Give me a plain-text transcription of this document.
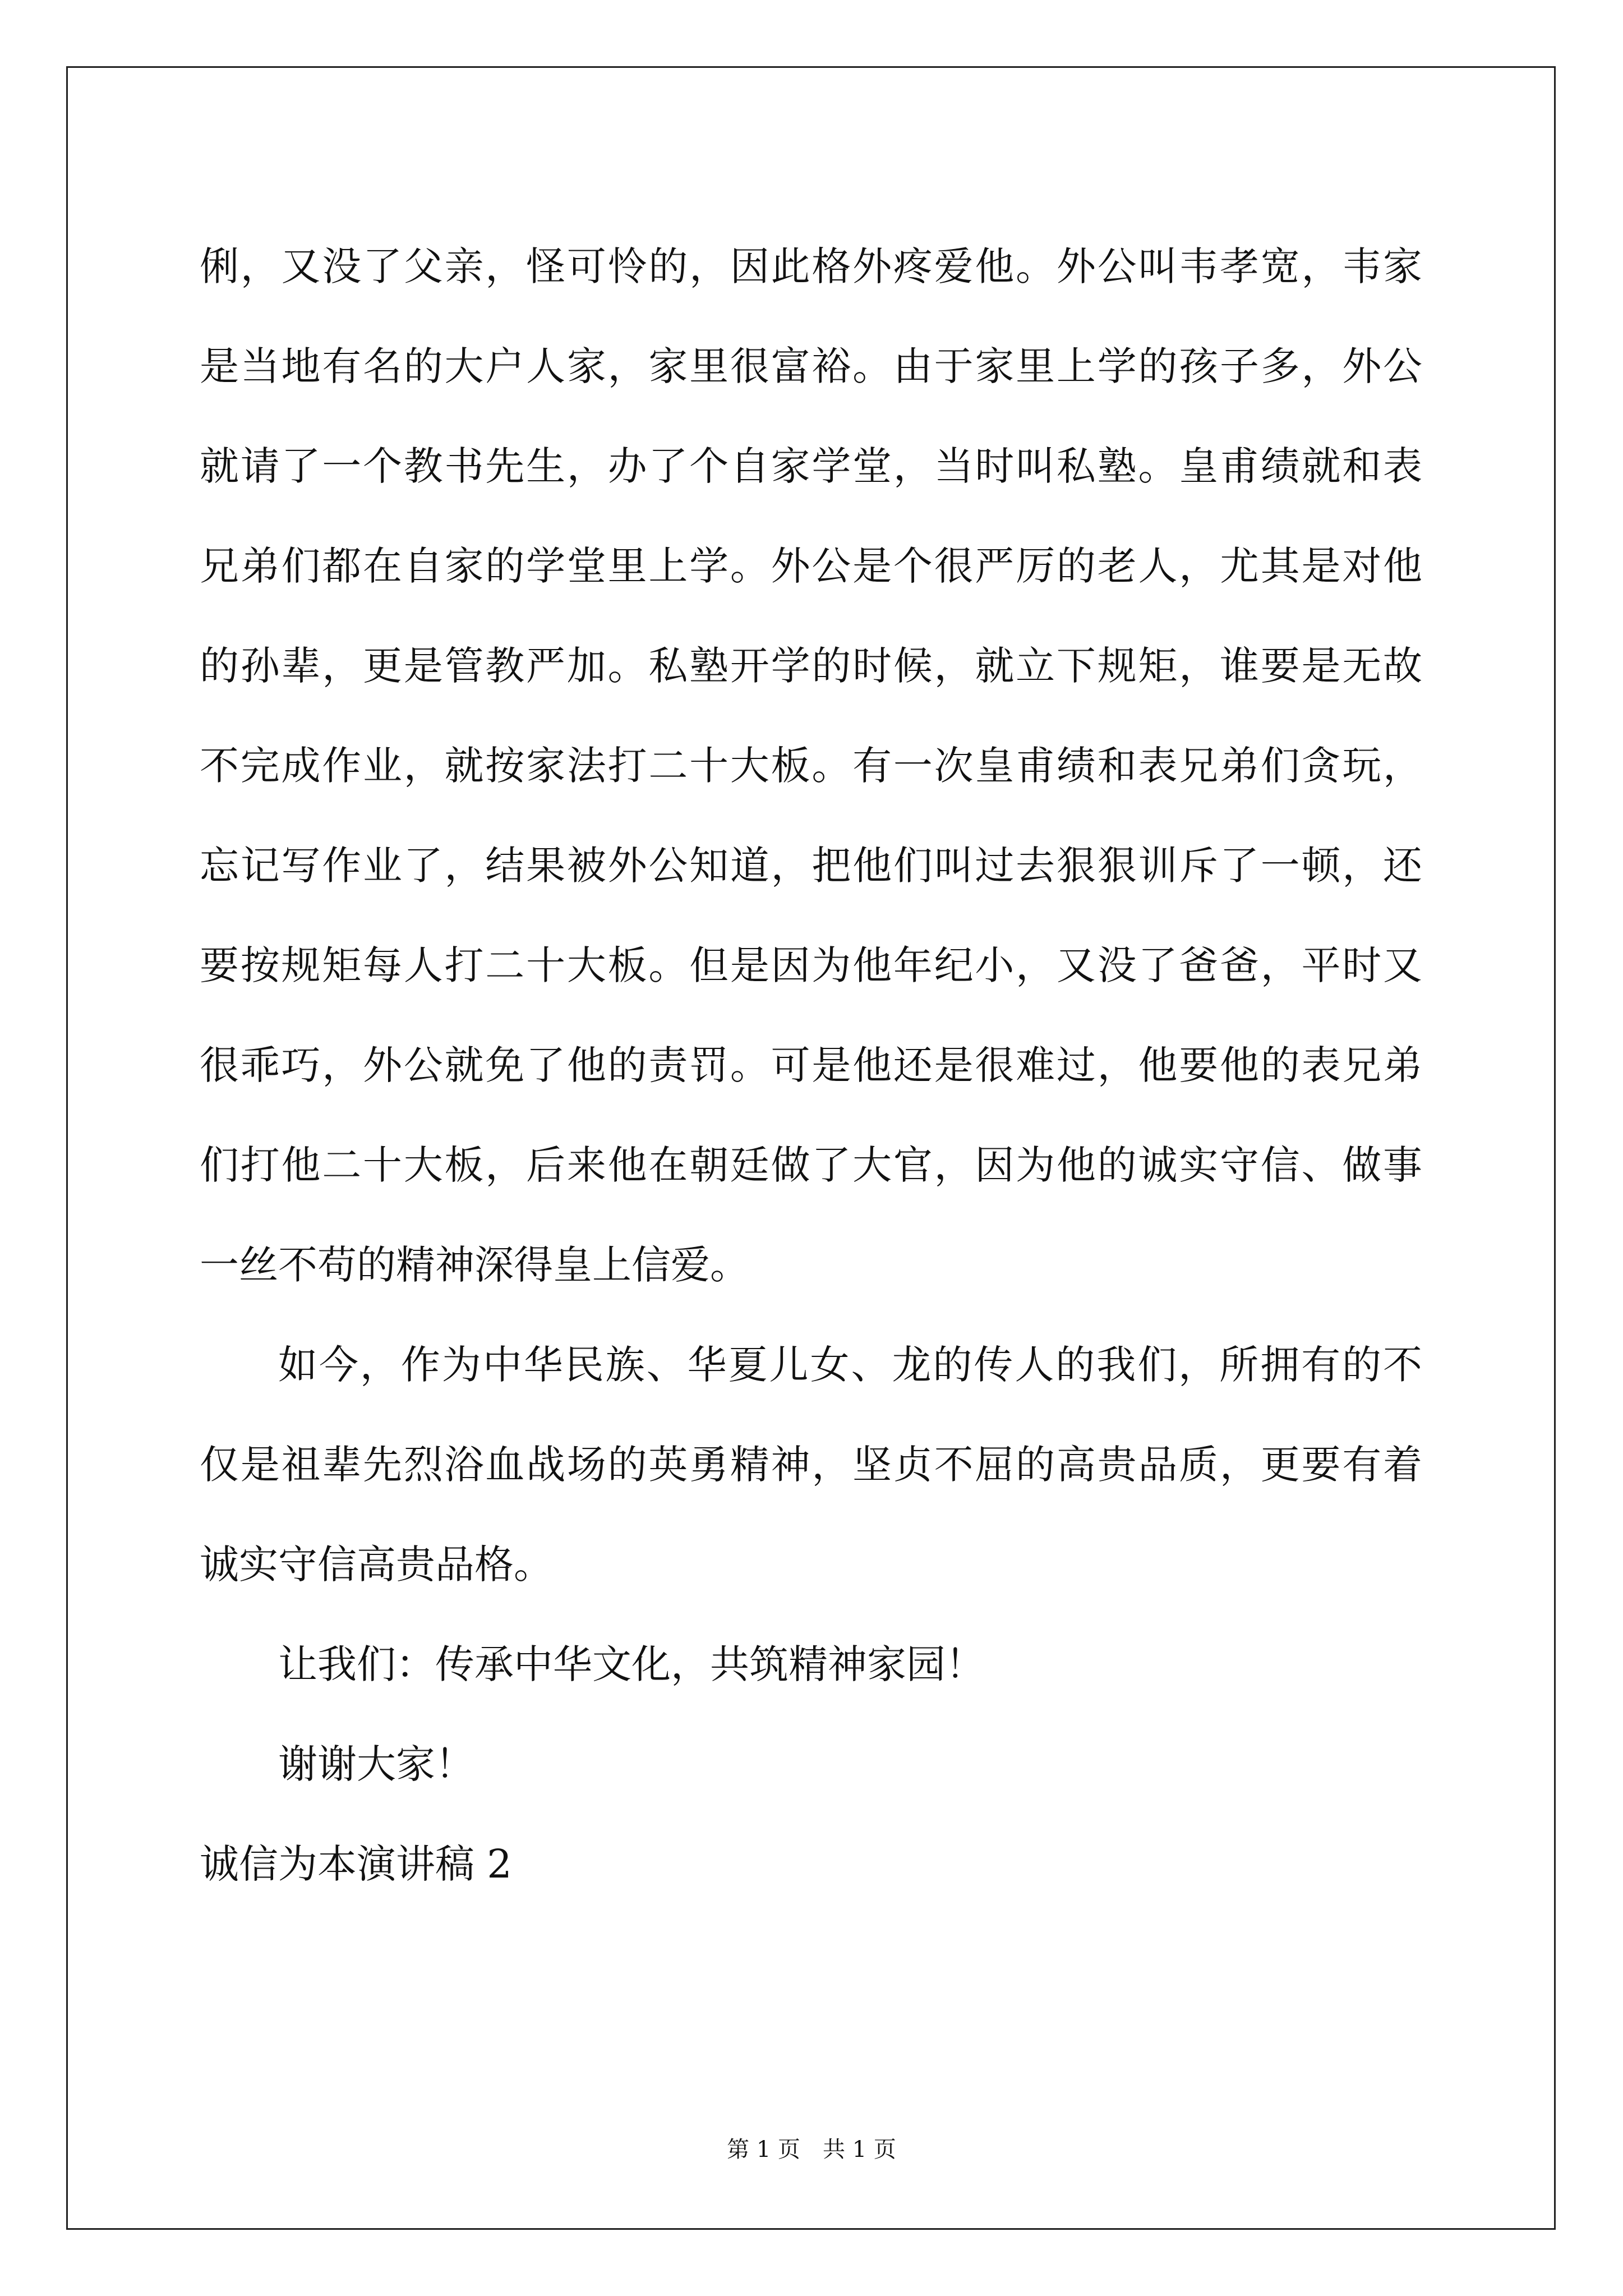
俐，又没了父亲，怪可怜的，因此格外疼爱他。外公叫韦孝宽，韦家
是当地有名的大户人家，家里很富裕。由于家里上学的孩子多，外公
就请了一个教书先生，办了个自家学堂，当时叫私塾。皇甫绩就和表
兄弟们都在自家的学堂里上学。外公是个很严厉的老人，尤其是对他
的孙辈，更是管教严加。私塾开学的时候，就立下规矩，谁要是无故
不完成作业，就按家法打二十大板。有一次皇甫绩和表兄弟们贪玩，
忘记写作业了，结果被外公知道，把他们叫过去狠狠训斥了一顿，还
要按规矩每人打二十大板。但是因为他年纪小，又没了爸爸，平时又
很乖巧，外公就免了他的责罚。可是他还是很难过，他要他的表兄弟
们打他二十大板，后来他在朝廷做了大官，因为他的诚实守信、做事
一丝不苟的精神深得皇上信爱。
如今，作为中华民族、华夏儿女、龙的传人的我们，所拥有的不
仅是祖辈先烈浴血战场的英勇精神，坚贞不屈的高贵品质，更要有着
诚实守信高贵品格。
让我们：传承中华文化，共筑精神家园！
谢谢大家！
诚信为本演讲稿 2
第 1 页　共 1 页
